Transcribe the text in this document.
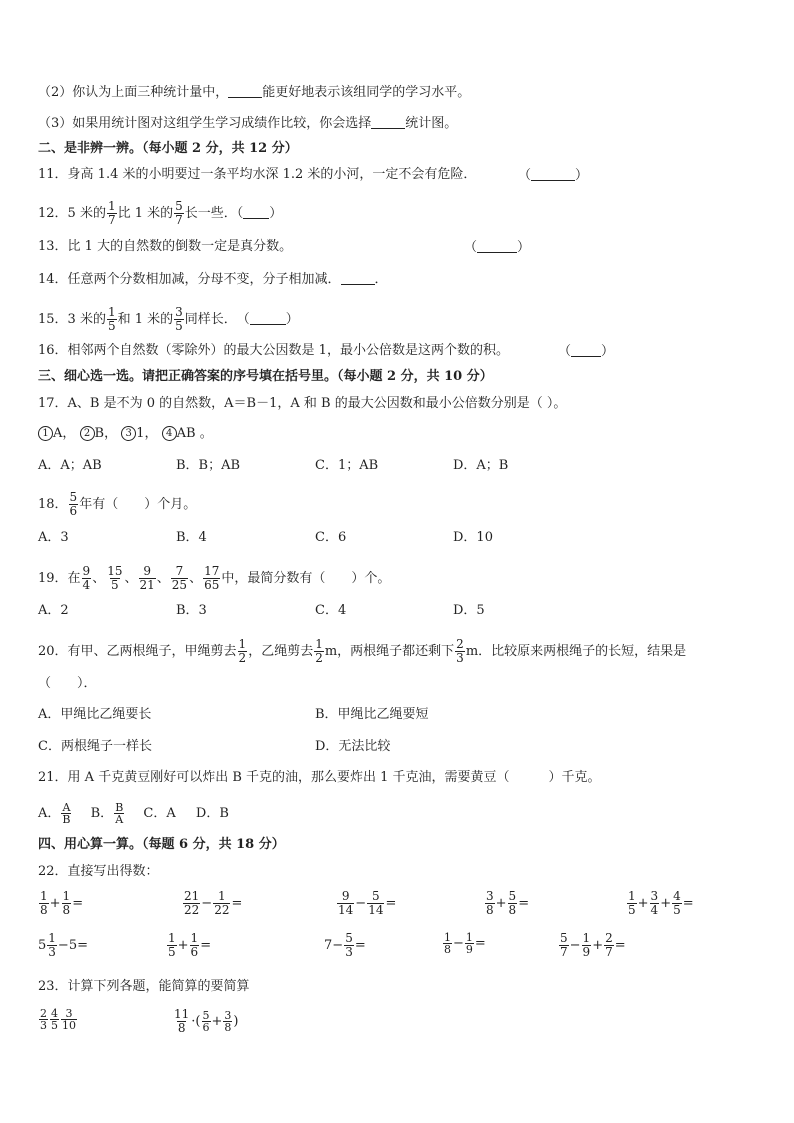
（2）你认为上面三种统计量中，	能更好地表示该组同学的学习水平。
（3）如果用统计图对这组学生学习成绩作比较，你会选择	统计图。
二、是非辨一辨。（每小题 2 分，共 12 分）
11．身高 1.4 米的小明要过一条平均水深 1.2 米的小河，一定不会有危险．	（	）
12．5 米的 $\frac{1}{7}$ 比 1 米的 $\frac{5}{7}$ 长一些．（ ）
13．比 1 大的自然数的倒数一定是真分数。	（	）
14．任意两个分数相加减，分母不变，分子相加减．	．
15．3 米的 $\frac{1}{5}$ 和 1 米的 $\frac{3}{5}$ 同样长．　（	）
16．相邻两个自然数（零除外）的最大公因数是 1，最小公倍数是这两个数的积。	（ ）
三、细心选一选。请把正确答案的序号填在括号里。（每小题 2 分，共 10 分）
17．A、B 是不为 0 的自然数，A＝B－1，A 和 B 的最大公因数和最小公倍数分别是（ ）。
1 A， 2 B， 3 1， 4 AB 。
A．A；AB	B．B；AB	C．1；AB	D．A；B
18． $\frac{5}{6}$ 年有（　　）个月。
A．3	B．4	C．6	D．10
19．在 $\frac{9}{4}$ 、 $\frac{15}{5}$ 、 $\frac{9}{21}$ 、 $\frac{7}{25}$ 、 $\frac{17}{65}$ 中，最简分数有（　　）个。
A．2	B．3	C．4	D．5
20．有甲、乙两根绳子，甲绳剪去 $\frac{1}{2}$ ，乙绳剪去 $\frac{1}{2}$ m，两根绳子都还剩下 $\frac{2}{3}$ m．比较原来两根绳子的长短，结果是
（　　）．
A．甲绳比乙绳要长	B．甲绳比乙绳要短
C．两根绳子一样长	D．无法比较
21．用 A 千克黄豆刚好可以炸出 B 千克的油，那么要炸出 1 千克油，需要黄豆（　　　）千克。
A． $\frac{A}{B}$ B． $\frac{B}{A}$ C．A D．B
四、用心算一算。（每题 6 分，共 18 分）
22．直接写出得数：
$\frac{1}{8} + \frac{1}{8}$ =	$\frac{21}{22} - \frac{1}{22}$ =	$\frac{9}{14} - \frac{5}{14}$ =	$\frac{3}{8} + \frac{5}{8}$ =	$\frac{1}{5} + \frac{3}{4} + \frac{4}{5}$ =
$5 \frac{1}{3} -5=$	$\frac{1}{5} + \frac{1}{6}$ =	$7- \frac{5}{3}$ =	$\frac{1}{8} - \frac{1}{9}$ =	$\frac{5}{7} - \frac{1}{9} + \frac{2}{7}$ =
23．计算下列各题，能简算的要简算
$\frac{2}{3} \frac{4}{5} \frac{3}{10}$	$\frac{11}{8}$ ·( $\frac{5}{6} + \frac{3}{8}$ )
